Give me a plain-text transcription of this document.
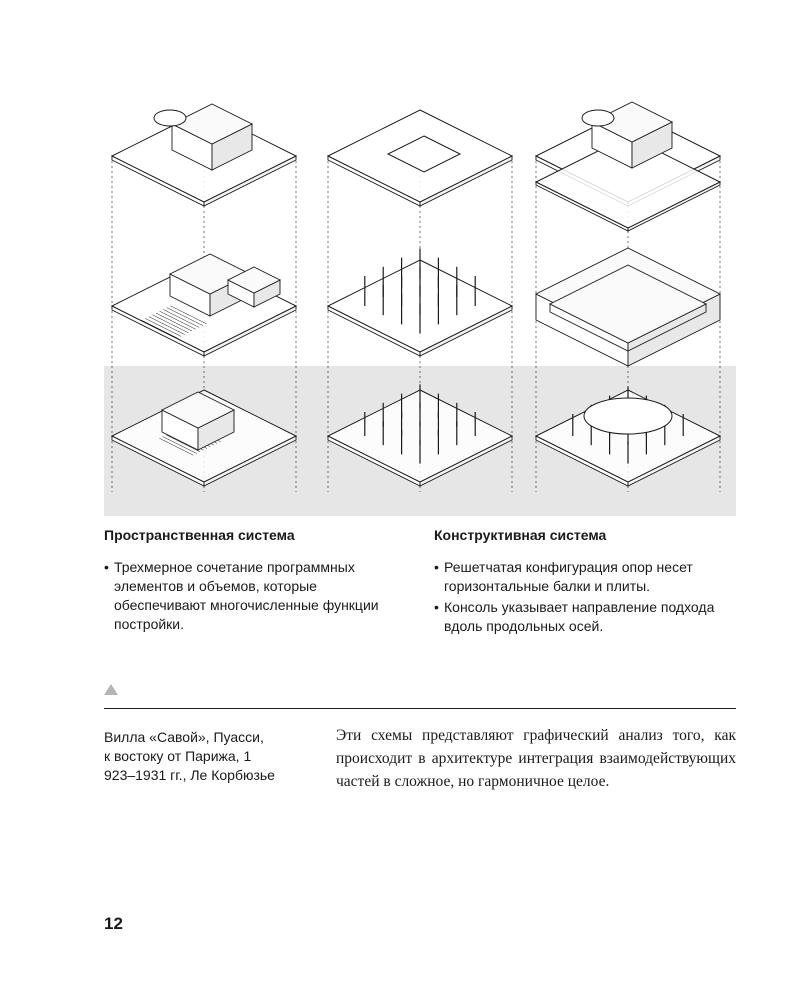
Пространственная система
• Трехмерное сочетание программных
элементов и объемов, которые
обеспечивают многочисленные функции
постройки.
Конструктивная система
• Решетчатая конфигурация опор несет
горизонтальные балки и плиты.
• Консоль указывает направление подхода
вдоль продольных осей.
Вилла «Савой», Пуасси,
к востоку от Парижа, 1
923–1931 гг., Ле Корбюзье

Эти схемы представляют графический анализ того, как происходит в архитектуре интеграция взаимодействующих частей в сложное, но гармоничное целое.

12
